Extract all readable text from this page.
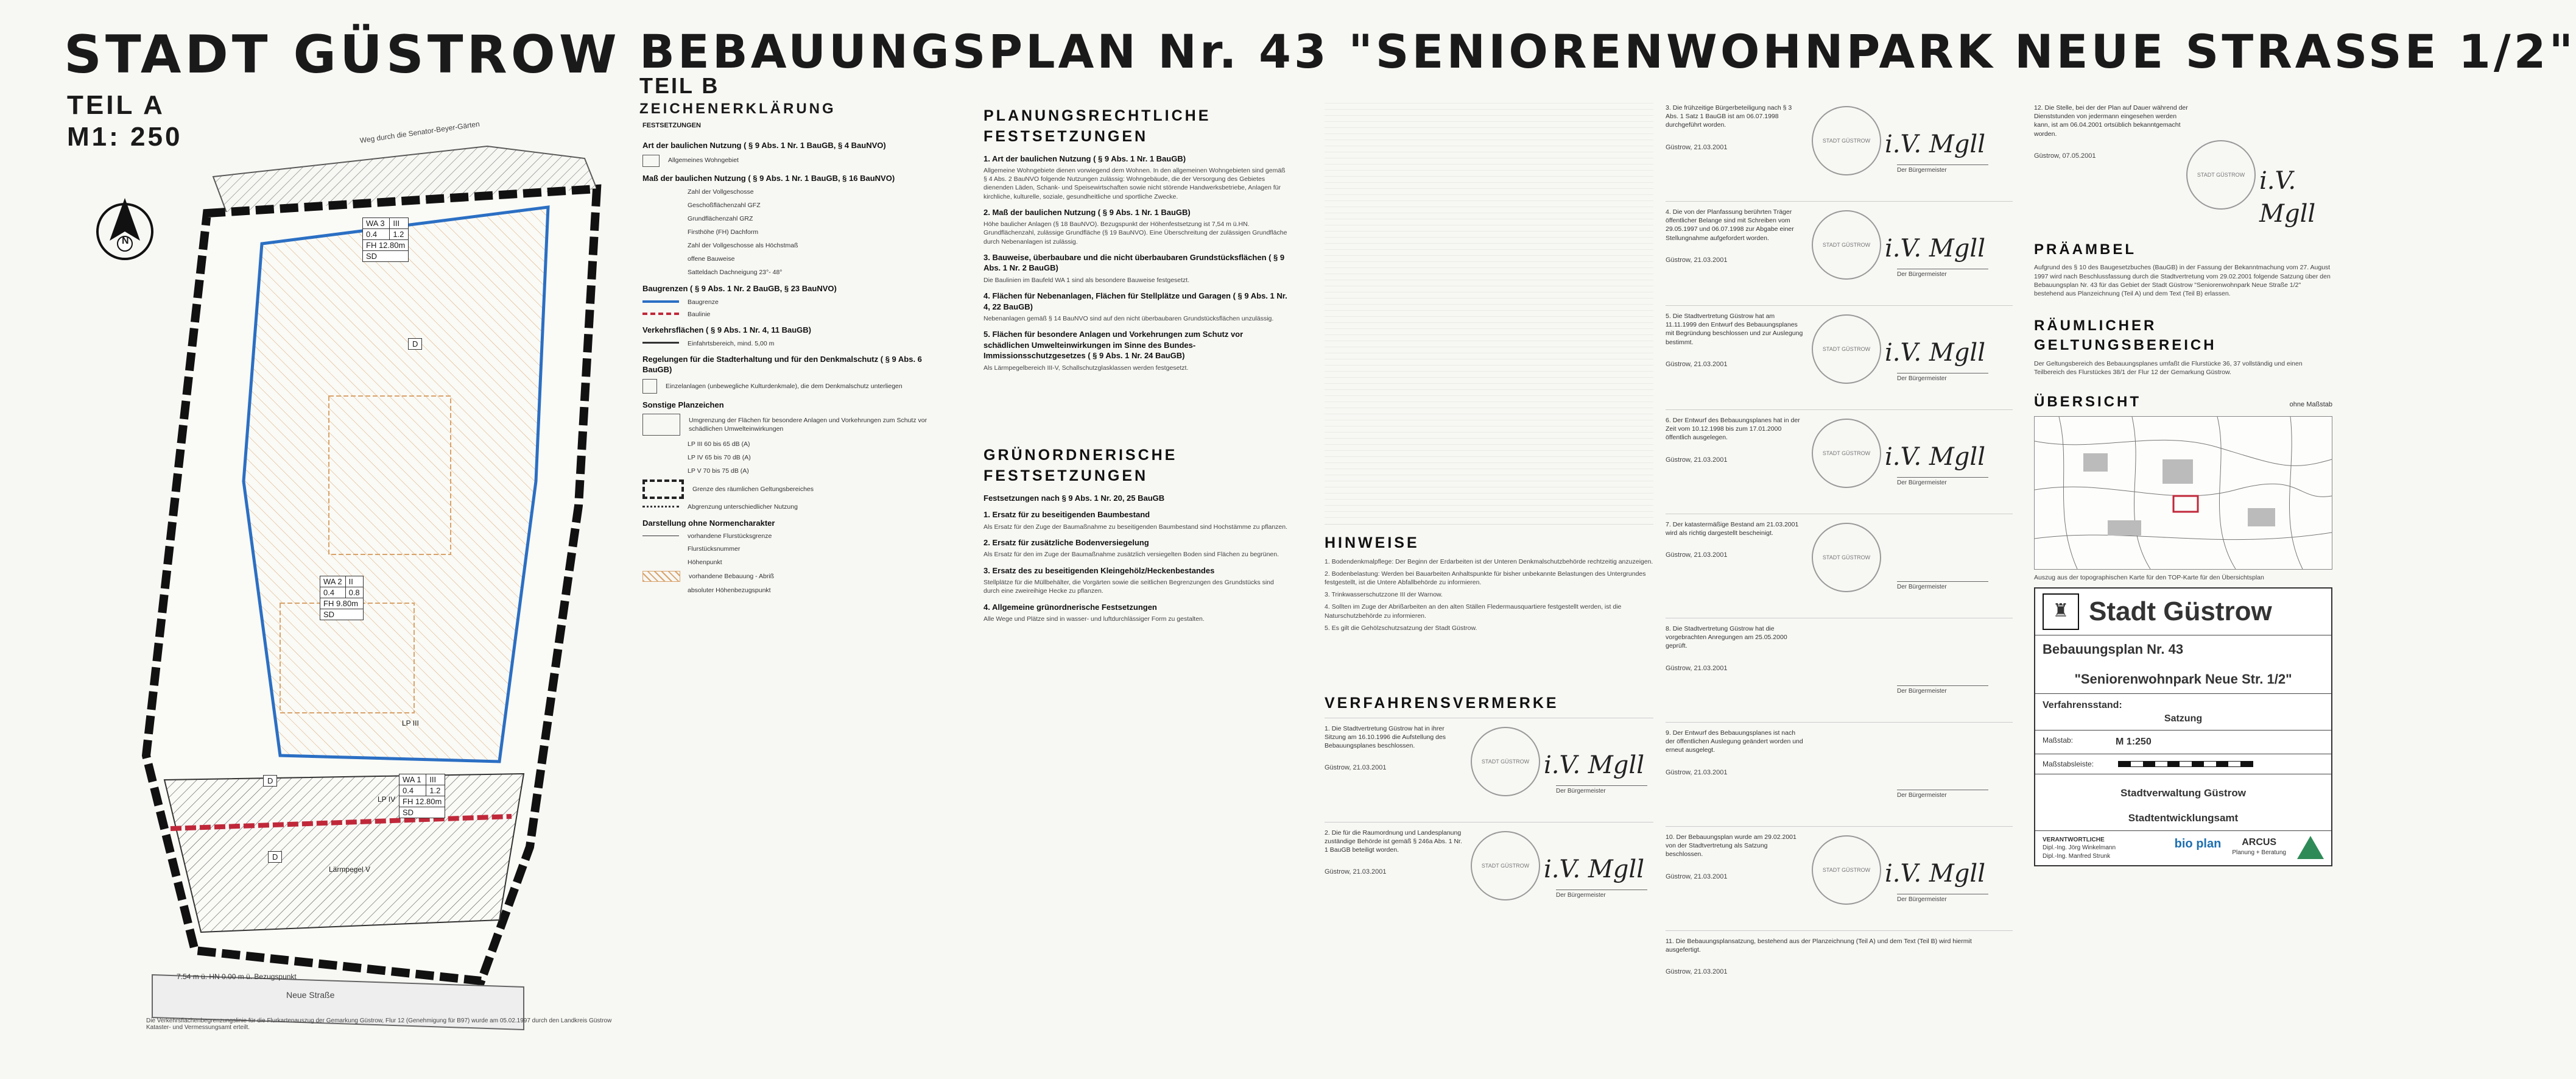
STADT GÜSTROW BEBAUUNGSPLAN Nr. 43 "SENIORENWOHNPARK NEUE STRASSE 1/2"
TEIL A
M1: 250	Weg durch die Senator-Beyer-Gärten
Neue Straße
N
WA 3	III
0.4	1.2
FH 12.80m	
SD	
WA 2	II
0.4	0.8
FH 9.80m	
SD	
WA 1	III
0.4	1.2
FH 12.80m	
SD	
D
D
D
LP IV
LP III
Lärmpegel V
7.54 m ü. HN 0.00 m ü. Bezugspunkt
Die Verkehrsflächenbegrenzungslinie für die Flurkartenauszug der Gemarkung Güstrow, Flur 12 (Genehmigung für B97) wurde am 05.02.1997 durch den Landkreis Güstrow Kataster- und Vermessungsamt erteilt.
TEIL B
ZEICHENERKLÄRUNG
FESTSETZUNGEN
Art der baulichen Nutzung ( § 9 Abs. 1 Nr. 1 BauGB, § 4 BauNVO)
Allgemeines Wohngebiet
Maß der baulichen Nutzung ( § 9 Abs. 1 Nr. 1 BauGB, § 16 BauNVO)
Zahl der Vollgeschosse
Geschoßflächenzahl GFZ
Grundflächenzahl GRZ
Firsthöhe (FH) Dachform
Zahl der Vollgeschosse als Höchstmaß
offene Bauweise
Satteldach Dachneigung 23°- 48°
Baugrenzen ( § 9 Abs. 1 Nr. 2 BauGB, § 23 BauNVO)
Baugrenze
Baulinie
Verkehrsflächen ( § 9 Abs. 1 Nr. 4, 11 BauGB)
Einfahrtsbereich, mind. 5,00 m
Regelungen für die Stadterhaltung und für den Denkmalschutz ( § 9 Abs. 6 BauGB)
Einzelanlagen (unbewegliche Kulturdenkmale), die dem Denkmalschutz unterliegen
Sonstige Planzeichen
Umgrenzung der Flächen für besondere Anlagen und Vorkehrungen zum Schutz vor schädlichen Umwelteinwirkungen
LP III 60 bis 65 dB (A)
LP IV 65 bis 70 dB (A)
LP V 70 bis 75 dB (A)
Grenze des räumlichen Geltungsbereiches
Abgrenzung unterschiedlicher Nutzung
Darstellung ohne Normencharakter
vorhandene Flurstücksgrenze
Flurstücksnummer
Höhenpunkt
vorhandene Bebauung - Abriß
absoluter Höhenbezugspunkt
PLANUNGSRECHTLICHE FESTSETZUNGEN
1. Art der baulichen Nutzung ( § 9 Abs. 1 Nr. 1 BauGB)
Allgemeine Wohngebiete dienen vorwiegend dem Wohnen. In den allgemeinen Wohngebieten sind gemäß § 4 Abs. 2 BauNVO folgende Nutzungen zulässig: Wohngebäude, die der Versorgung des Gebietes dienenden Läden, Schank- und Speisewirtschaften sowie nicht störende Handwerksbetriebe, Anlagen für kirchliche, kulturelle, soziale, gesundheitliche und sportliche Zwecke.
2. Maß der baulichen Nutzung ( § 9 Abs. 1 Nr. 1 BauGB)
Höhe baulicher Anlagen (§ 18 BauNVO). Bezugspunkt der Höhenfestsetzung ist 7,54 m ü.HN. Grundflächenzahl, zulässige Grundfläche (§ 19 BauNVO). Eine Überschreitung der zulässigen Grundfläche durch Nebenanlagen ist zulässig.
3. Bauweise, überbaubare und die nicht überbaubaren Grundstücksflächen ( § 9 Abs. 1 Nr. 2 BauGB)
Die Baulinien im Baufeld WA 1 sind als besondere Bauweise festgesetzt.
4. Flächen für Nebenanlagen, Flächen für Stellplätze und Garagen ( § 9 Abs. 1 Nr. 4, 22 BauGB)
Nebenanlagen gemäß § 14 BauNVO sind auf den nicht überbaubaren Grundstücksflächen unzulässig.
5. Flächen für besondere Anlagen und Vorkehrungen zum Schutz vor schädlichen Umwelteinwirkungen im Sinne des Bundes-Immissionsschutzgesetzes ( § 9 Abs. 1 Nr. 24 BauGB)
Als Lärmpegelbereich III-V, Schallschutzglasklassen werden festgesetzt.
GRÜNORDNERISCHE FESTSETZUNGEN
Festsetzungen nach § 9 Abs. 1 Nr. 20, 25 BauGB
1. Ersatz für zu beseitigenden Baumbestand
Als Ersatz für den Zuge der Baumaßnahme zu beseitigenden Baumbestand sind Hochstämme zu pflanzen.
2. Ersatz für zusätzliche Bodenversiegelung
Als Ersatz für den im Zuge der Baumaßnahme zusätzlich versiegelten Boden sind Flächen zu begrünen.
3. Ersatz des zu beseitigenden Kleingehölz/Heckenbestandes
Stellplätze für die Müllbehälter, die Vorgärten sowie die seitlichen Begrenzungen des Grundstücks sind durch eine zweireihige Hecke zu pflanzen.
4. Allgemeine grünordnerische Festsetzungen
Alle Wege und Plätze sind in wasser- und luftdurchlässiger Form zu gestalten.
HINWEISE
1. Bodendenkmalpflege: Der Beginn der Erdarbeiten ist der Unteren Denkmalschutzbehörde rechtzeitig anzuzeigen.
2. Bodenbelastung: Werden bei Bauarbeiten Anhaltspunkte für bisher unbekannte Belastungen des Untergrundes festgestellt, ist die Untere Abfallbehörde zu informieren.
3. Trinkwasserschutzzone III der Warnow.
4. Sollten im Zuge der Abrißarbeiten an den alten Ställen Fledermausquartiere festgestellt werden, ist die Naturschutzbehörde zu informieren.
5. Es gilt die Gehölzschutzsatzung der Stadt Güstrow.
VERFAHRENSVERMERKE
1. Die Stadtvertretung Güstrow hat in ihrer Sitzung am 16.10.1996 die Aufstellung des Bebauungsplanes beschlossen.
Güstrow, 21.03.2001
STADT GÜSTROW i.V. Mgll
Der Bürgermeister
2. Die für die Raumordnung und Landesplanung zuständige Behörde ist gemäß § 246a Abs. 1 Nr. 1 BauGB beteiligt worden.
Güstrow, 21.03.2001
STADT GÜSTROW i.V. Mgll
Der Bürgermeister
3. Die frühzeitige Bürgerbeteiligung nach § 3 Abs. 1 Satz 1 BauGB ist am 06.07.1998 durchgeführt worden.
Güstrow, 21.03.2001
STADT GÜSTROW i.V. Mgll
Der Bürgermeister
4. Die von der Planfassung berührten Träger öffentlicher Belange sind mit Schreiben vom 29.05.1997 und 06.07.1998 zur Abgabe einer Stellungnahme aufgefordert worden.
Güstrow, 21.03.2001
STADT GÜSTROW i.V. Mgll
Der Bürgermeister
5. Die Stadtvertretung Güstrow hat am 11.11.1999 den Entwurf des Bebauungsplanes mit Begründung beschlossen und zur Auslegung bestimmt.
Güstrow, 21.03.2001
STADT GÜSTROW i.V. Mgll
Der Bürgermeister
6. Der Entwurf des Bebauungsplanes hat in der Zeit vom 10.12.1998 bis zum 17.01.2000 öffentlich ausgelegen.
Güstrow, 21.03.2001
STADT GÜSTROW i.V. Mgll
Der Bürgermeister
7. Der katastermäßige Bestand am 21.03.2001 wird als richtig dargestellt bescheinigt.
Güstrow, 21.03.2001	STADT GÜSTROW
Der Bürgermeister
8. Die Stadtvertretung Güstrow hat die vorgebrachten Anregungen am 25.05.2000 geprüft.
Güstrow, 21.03.2001
Der Bürgermeister
9. Der Entwurf des Bebauungsplanes ist nach der öffentlichen Auslegung geändert worden und erneut ausgelegt.
Güstrow, 21.03.2001
Der Bürgermeister
10. Der Bebauungsplan wurde am 29.02.2001 von der Stadtvertretung als Satzung beschlossen.
Güstrow, 21.03.2001
STADT GÜSTROW i.V. Mgll
Der Bürgermeister
11. Die Bebauungsplansatzung, bestehend aus der Planzeichnung (Teil A) und dem Text (Teil B) wird hiermit ausgefertigt.
Güstrow, 21.03.2001
12. Die Stelle, bei der der Plan auf Dauer während der Dienststunden von jedermann eingesehen werden kann, ist am 06.04.2001 ortsüblich bekanntgemacht worden.
Güstrow, 07.05.2001
STADT GÜSTROW i.V. Mgll
PRÄAMBEL
Aufgrund des § 10 des Baugesetzbuches (BauGB) in der Fassung der Bekanntmachung vom 27. August 1997 wird nach Beschlussfassung durch die Stadtvertretung vom 29.02.2001 folgende Satzung über den Bebauungsplan Nr. 43 für das Gebiet der Stadt Güstrow "Seniorenwohnpark Neue Straße 1/2" bestehend aus Planzeichnung (Teil A) und dem Text (Teil B) erlassen.
RÄUMLICHER GELTUNGSBEREICH
Der Geltungsbereich des Bebauungsplanes umfaßt die Flurstücke 36, 37 vollständig und einen Teilbereich des Flurstückes 38/1 der Flur 12 der Gemarkung Güstrow.
ÜBERSICHT	ohne Maßstab
Auszug aus der topographischen Karte für den TOP-Karte für den Übersichtsplan
♜ Stadt Güstrow
Bebauungsplan Nr. 43
"Seniorenwohnpark Neue Str. 1/2"
Verfahrensstand:
Satzung
Maßstab:	M 1:250
Maßstabsleiste:
Stadtverwaltung Güstrow
Stadtentwicklungsamt
VERANTWORTLICHE
Dipl.-Ing. Jörg Winkelmann
Dipl.-Ing. Manfred Strunk
bio plan	ARCUS
Planung + Beratung
